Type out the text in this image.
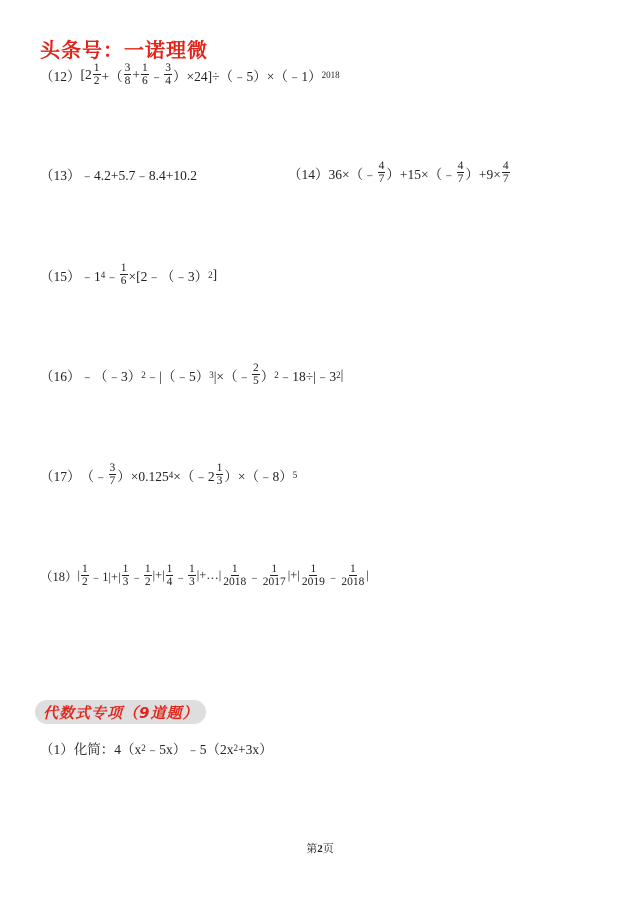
头条号：一诺理微
（12） [$2 \frac{1}{2}$ +（ $\frac{3}{8} + \frac{1}{6}$ ﹣ $\frac{3}{4}$ ）×24]÷（﹣5）×（﹣1） 2018
（13） ﹣4.2+5.7﹣8.4+10.2	（14） 36×（﹣ $\frac{4}{7}$ ）+15×（﹣ $\frac{4}{7} )+9\times \frac{4}{7}$
（15） ﹣1 4 ﹣ $\frac{1}{6}$ ×[2﹣（﹣3） 2 ]
（16） ﹣（﹣3） 2 ﹣|（﹣5） 3 |×（﹣ $\frac{2}{5}$ ） 2 ﹣18÷|﹣3 2 |
（17） （﹣ $\frac{3}{7} )\times 0.125$ 4 ×（﹣2 $\frac{1}{3}$ ）×（﹣8） 5
（18） | $\frac{1}{2}$ ﹣1|+| $\frac{1}{3}$ ﹣ $\frac{1}{2}$ |+| $\frac{1}{4}$ ﹣ $\frac{1}{3}$ |+…| $\frac{1}{2018}$ ﹣ $\frac{1}{2017}$ |+| $\frac{1}{2019}$ ﹣ $\frac{1}{2018}$ |
代数式专项（9道题）
（1）化简： 4（x 2 ﹣5x）﹣5（2x 2 +3x）
第2页
